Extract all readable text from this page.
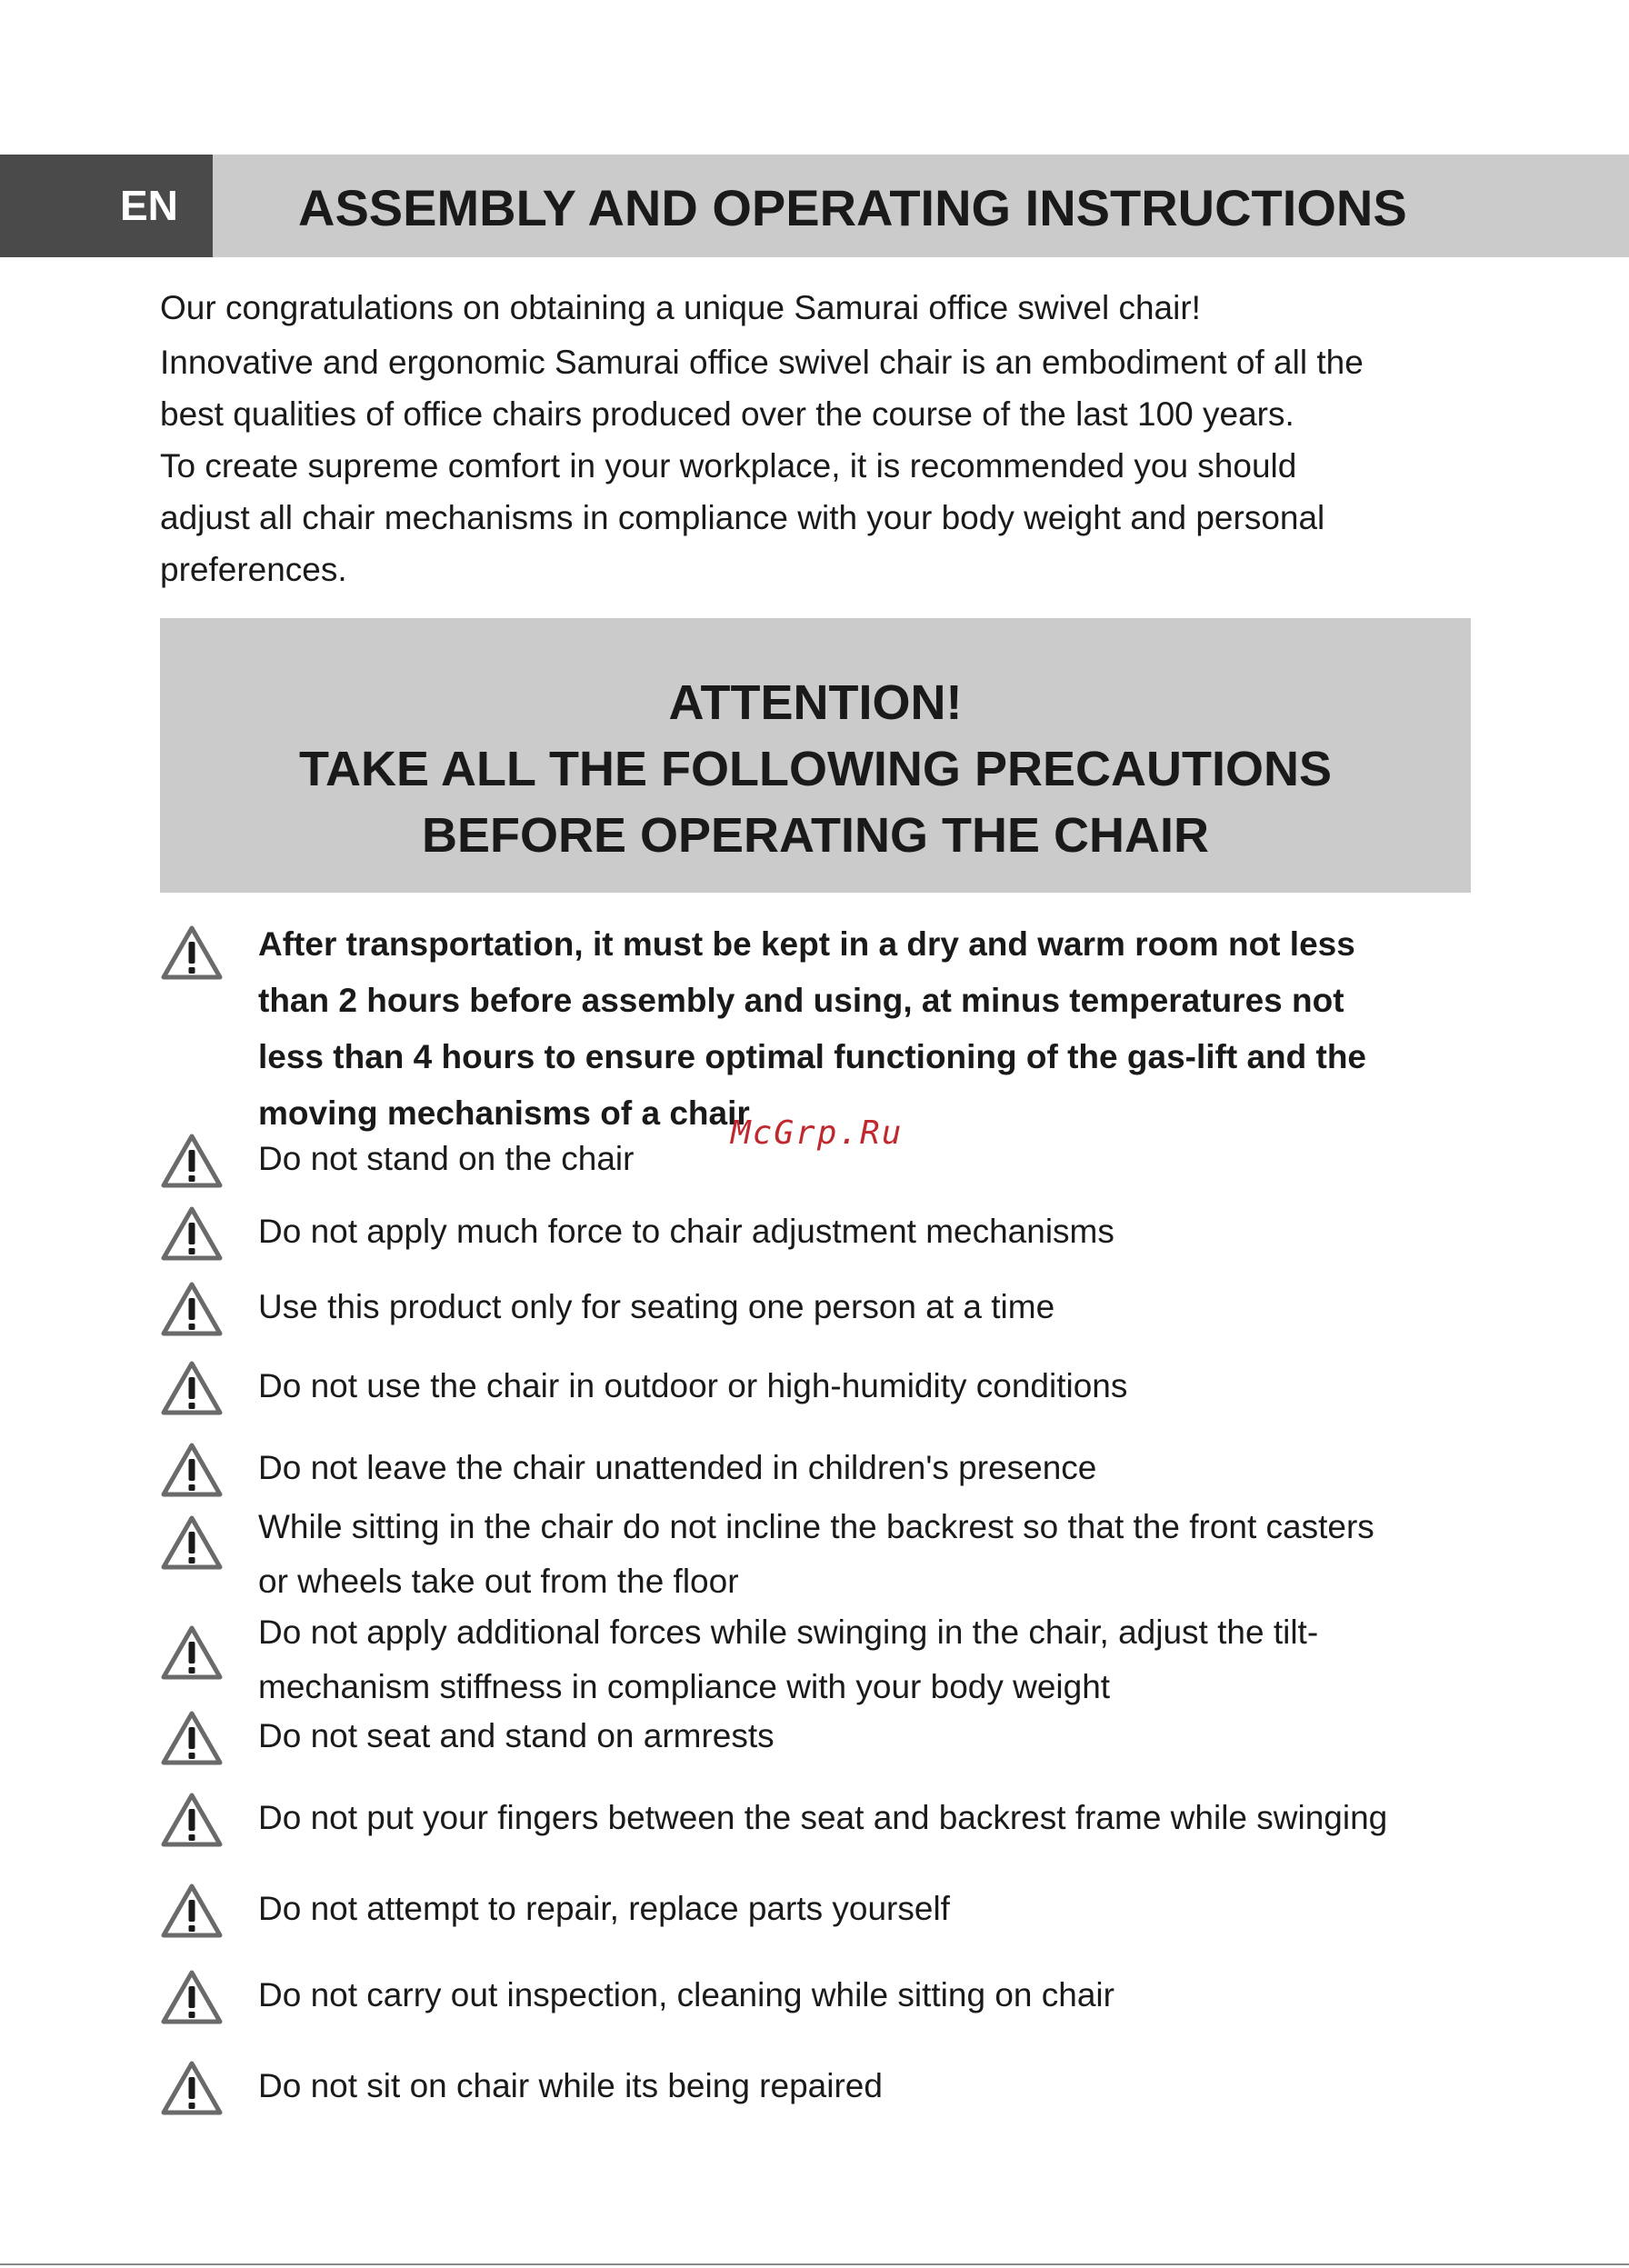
EN	ASSEMBLY AND OPERATING INSTRUCTIONS

Our congratulations on obtaining a unique Samurai office swivel chair!

Innovative and ergonomic Samurai office swivel chair is an embodiment of all the

best qualities of office chairs produced over the course of the last 100 years.

To create supreme comfort in your workplace, it is recommended you should

adjust all chair mechanisms in compliance with your body weight and personal

preferences.

ATTENTION!
TAKE ALL THE FOLLOWING PRECAUTIONS
BEFORE OPERATING THE CHAIR
After transportation, it must be kept in a dry and warm room not less
than 2 hours before assembly and using, at minus temperatures not
less than 4 hours to ensure optimal functioning of the gas-lift and the
moving mechanisms of a chair
Do not stand on the chair
Do not apply much force to chair adjustment mechanisms
Use this product only for seating one person at a time
Do not use the chair in outdoor or high-humidity conditions
Do not leave the chair unattended in children's presence
While sitting in the chair do not incline the backrest so that the front casters
or wheels take out from the floor
Do not apply additional forces while swinging in the chair, adjust the tilt-
mechanism stiffness in compliance with your body weight
Do not seat and stand on armrests
Do not put your fingers between the seat and backrest frame while swinging
Do not attempt to repair, replace parts yourself
Do not carry out inspection, cleaning while sitting on chair
Do not sit on chair while its being repaired
McGrp.Ru
